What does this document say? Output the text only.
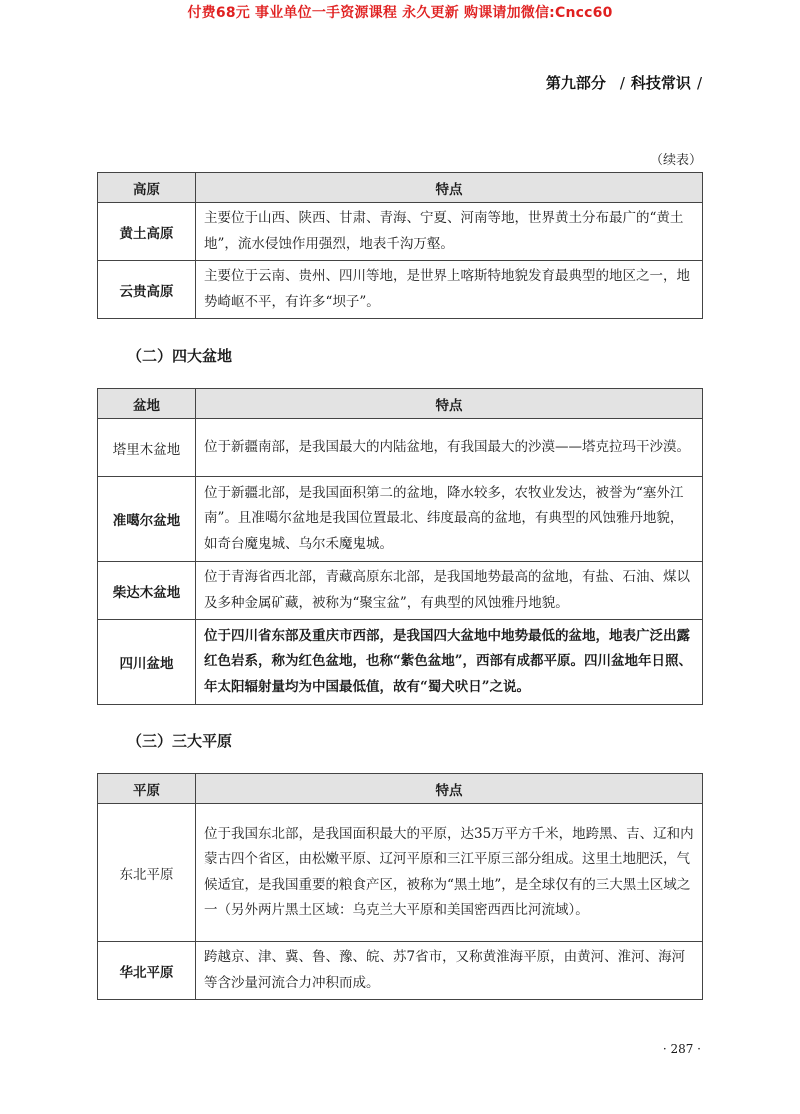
付费68元 事业单位一手资源课程 永久更新 购课请加微信:Cncc60
第九部分 / 科技常识 /
（续表）
高原	特点
黄土高原	主要位于山西、陕西、甘肃、青海、宁夏、河南等地，世界黄土分布最广的“黄土地”，流水侵蚀作用强烈，地表千沟万壑。
云贵高原	主要位于云南、贵州、四川等地，是世界上喀斯特地貌发育最典型的地区之一，地势崎岖不平，有许多“坝子”。
（二）四大盆地
盆地	特点
塔里木盆地	位于新疆南部，是我国最大的内陆盆地，有我国最大的沙漠——塔克拉玛干沙漠。
准噶尔盆地	位于新疆北部，是我国面积第二的盆地，降水较多，农牧业发达，被誉为“塞外江南”。且准噶尔盆地是我国位置最北、纬度最高的盆地，有典型的风蚀雅丹地貌，如奇台魔鬼城、乌尔禾魔鬼城。
柴达木盆地	位于青海省西北部，青藏高原东北部，是我国地势最高的盆地，有盐、石油、煤以及多种金属矿藏，被称为“聚宝盆”，有典型的风蚀雅丹地貌。
四川盆地	位于四川省东部及重庆市西部，是我国四大盆地中地势最低的盆地，地表广泛出露红色岩系，称为红色盆地，也称“紫色盆地”，西部有成都平原。四川盆地年日照、年太阳辐射量均为中国最低值，故有“蜀犬吠日”之说。
（三）三大平原
平原	特点
东北平原	位于我国东北部，是我国面积最大的平原，达35万平方千米，地跨黑、吉、辽和内蒙古四个省区，由松嫩平原、辽河平原和三江平原三部分组成。这里土地肥沃，气候适宜，是我国重要的粮食产区，被称为“黑土地”，是全球仅有的三大黑土区域之一（另外两片黑土区域：乌克兰大平原和美国密西西比河流域）。
华北平原	跨越京、津、冀、鲁、豫、皖、苏7省市，又称黄淮海平原，由黄河、淮河、海河等含沙量河流合力冲积而成。
· 287 ·
